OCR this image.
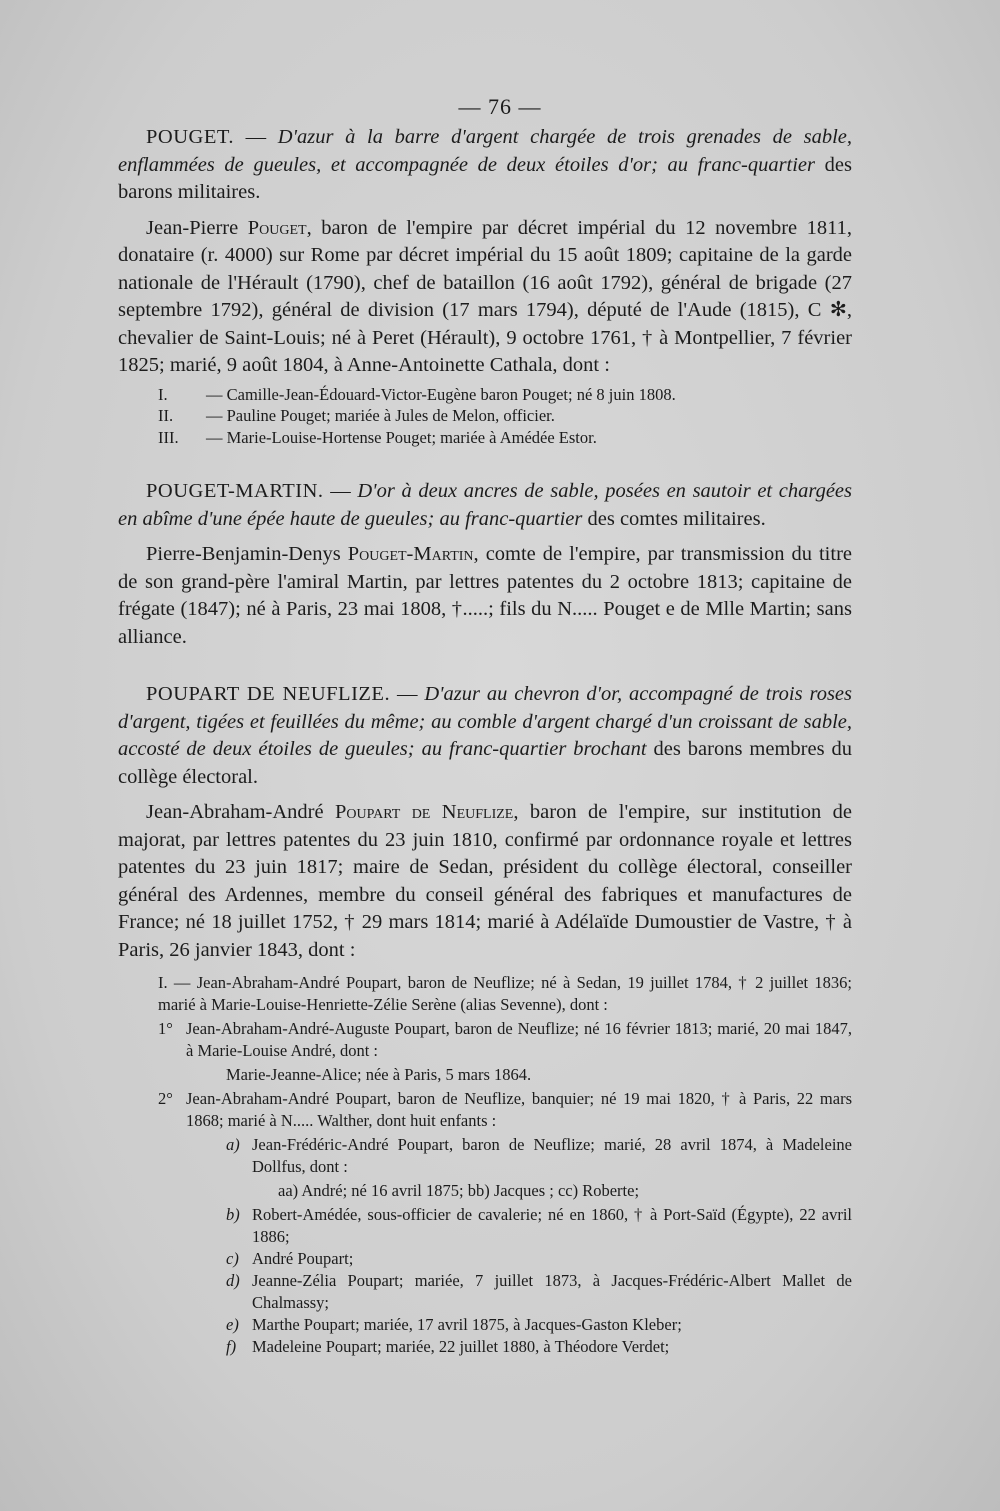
— 76 —

POUGET. — D'azur à la barre d'argent chargée de trois grenades de sable, enflammées de gueules, et accompagnée de deux étoiles d'or; au franc-quartier des barons militaires.

Jean-Pierre Pouget, baron de l'empire par décret impérial du 12 novembre 1811, donataire (r. 4000) sur Rome par décret impérial du 15 août 1809; capitaine de la garde nationale de l'Hérault (1790), chef de bataillon (16 août 1792), général de brigade (27 septembre 1792), général de division (17 mars 1794), député de l'Aude (1815), C ✻, chevalier de Saint-Louis; né à Peret (Hérault), 9 octobre 1761, † à Montpellier, 7 février 1825; marié, 9 août 1804, à Anne-Antoinette Cathala, dont :

I.	— Camille-Jean-Édouard-Victor-Eugène baron Pouget; né 8 juin 1808.
II.	— Pauline Pouget; mariée à Jules de Melon, officier.
III.	— Marie-Louise-Hortense Pouget; mariée à Amédée Estor.

POUGET-MARTIN. — D'or à deux ancres de sable, posées en sautoir et chargées en abîme d'une épée haute de gueules; au franc-quartier des comtes militaires.

Pierre-Benjamin-Denys Pouget-Martin, comte de l'empire, par transmission du titre de son grand-père l'amiral Martin, par lettres patentes du 2 octobre 1813; capitaine de frégate (1847); né à Paris, 23 mai 1808, †.....; fils du N..... Pouget e de Mlle Martin; sans alliance.

POUPART DE NEUFLIZE. — D'azur au chevron d'or, accompagné de trois roses d'argent, tigées et feuillées du même; au comble d'argent chargé d'un croissant de sable, accosté de deux étoiles de gueules; au franc-quartier brochant des barons membres du collège électoral.

Jean-Abraham-André Poupart de Neuflize, baron de l'empire, sur institution de majorat, par lettres patentes du 23 juin 1810, confirmé par ordonnance royale et lettres patentes du 23 juin 1817; maire de Sedan, président du collège électoral, conseiller général des Ardennes, membre du conseil général des fabriques et manufactures de France; né 18 juillet 1752, † 29 mars 1814; marié à Adélaïde Dumoustier de Vastre, † à Paris, 26 janvier 1843, dont :

I. — Jean-Abraham-André Poupart, baron de Neuflize; né à Sedan, 19 juillet 1784, † 2 juillet 1836; marié à Marie-Louise-Henriette-Zélie Serène (alias Sevenne), dont :
1° Jean-Abraham-André-Auguste Poupart, baron de Neuflize; né 16 février 1813; marié, 20 mai 1847, à Marie-Louise André, dont :
Marie-Jeanne-Alice; née à Paris, 5 mars 1864.
2° Jean-Abraham-André Poupart, baron de Neuflize, banquier; né 19 mai 1820, † à Paris, 22 mars 1868; marié à N..... Walther, dont huit enfants :
a) Jean-Frédéric-André Poupart, baron de Neuflize; marié, 28 avril 1874, à Madeleine Dollfus, dont :
aa) André; né 16 avril 1875; bb) Jacques ; cc) Roberte;
b) Robert-Amédée, sous-officier de cavalerie; né en 1860, † à Port-Saïd (Égypte), 22 avril 1886;
c) André Poupart;
d) Jeanne-Zélia Poupart; mariée, 7 juillet 1873, à Jacques-Frédéric-Albert Mallet de Chalmassy;
e) Marthe Poupart; mariée, 17 avril 1875, à Jacques-Gaston Kleber;
f) Madeleine Poupart; mariée, 22 juillet 1880, à Théodore Verdet;
